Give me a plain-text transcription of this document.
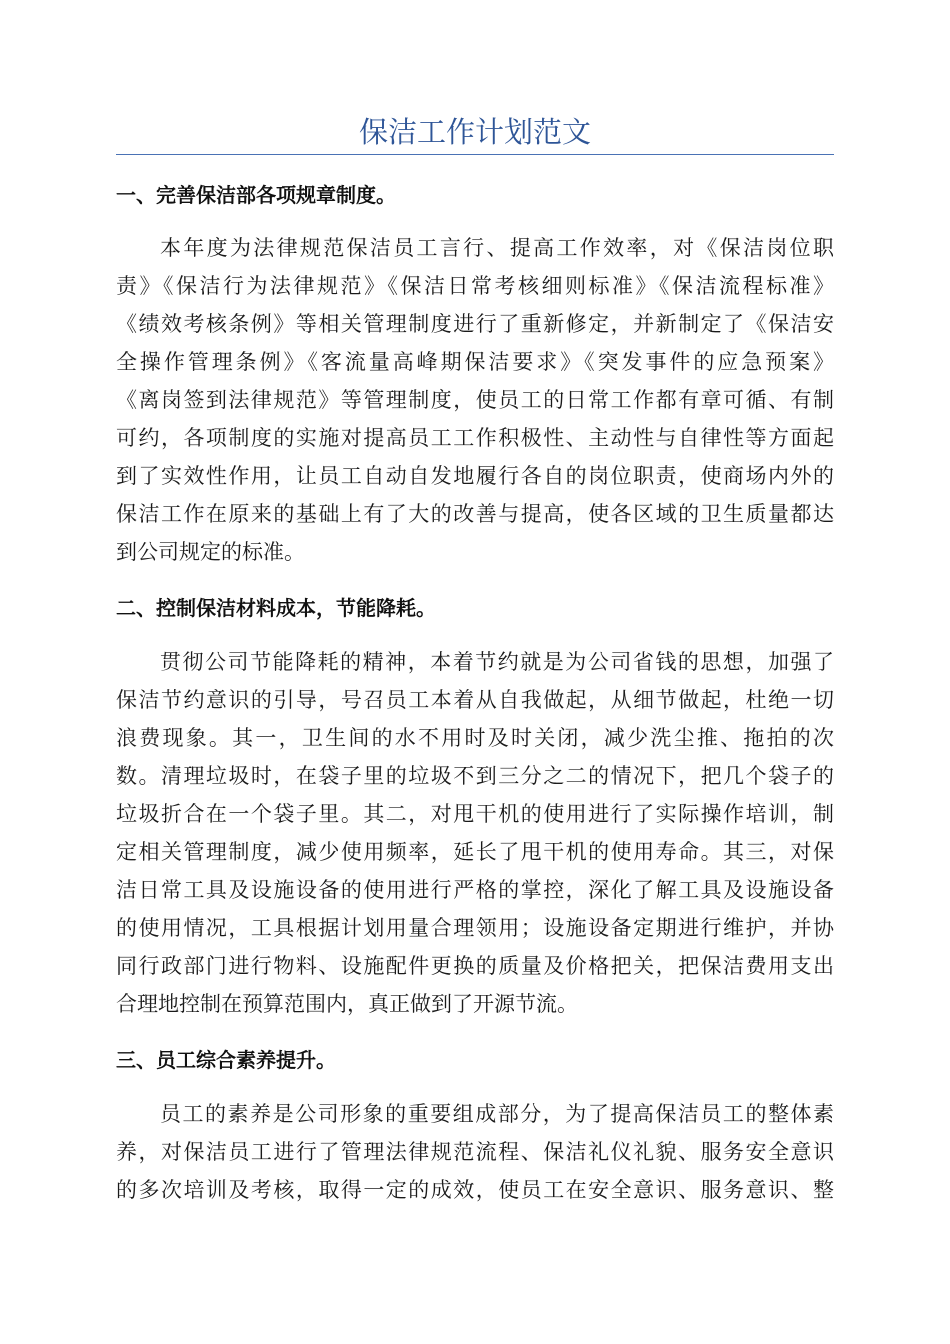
保洁工作计划范文
一、完善保洁部各项规章制度。
本年度为法律规范保洁员工言行、提高工作效率，对《保洁岗位职
责》《保洁行为法律规范》《保洁日常考核细则标准》《保洁流程标准》
《绩效考核条例》等相关管理制度进行了重新修定，并新制定了《保洁安
全操作管理条例》《客流量高峰期保洁要求》《突发事件的应急预案》
《离岗签到法律规范》等管理制度，使员工的日常工作都有章可循、有制
可约，各项制度的实施对提高员工工作积极性、主动性与自律性等方面起
到了实效性作用，让员工自动自发地履行各自的岗位职责，使商场内外的
保洁工作在原来的基础上有了大的改善与提高，使各区域的卫生质量都达
到公司规定的标准。
二、控制保洁材料成本，节能降耗。
贯彻公司节能降耗的精神，本着节约就是为公司省钱的思想，加强了
保洁节约意识的引导，号召员工本着从自我做起，从细节做起，杜绝一切
浪费现象。其一，卫生间的水不用时及时关闭，减少洗尘推、拖拍的次
数。清理垃圾时，在袋子里的垃圾不到三分之二的情况下，把几个袋子的
垃圾折合在一个袋子里。其二，对甩干机的使用进行了实际操作培训，制
定相关管理制度，减少使用频率，延长了甩干机的使用寿命。其三，对保
洁日常工具及设施设备的使用进行严格的掌控，深化了解工具及设施设备
的使用情况，工具根据计划用量合理领用；设施设备定期进行维护，并协
同行政部门进行物料、设施配件更换的质量及价格把关，把保洁费用支出
合理地控制在预算范围内，真正做到了开源节流。
三、员工综合素养提升。
员工的素养是公司形象的重要组成部分，为了提高保洁员工的整体素
养，对保洁员工进行了管理法律规范流程、保洁礼仪礼貌、服务安全意识
的多次培训及考核，取得一定的成效，使员工在安全意识、服务意识、整
